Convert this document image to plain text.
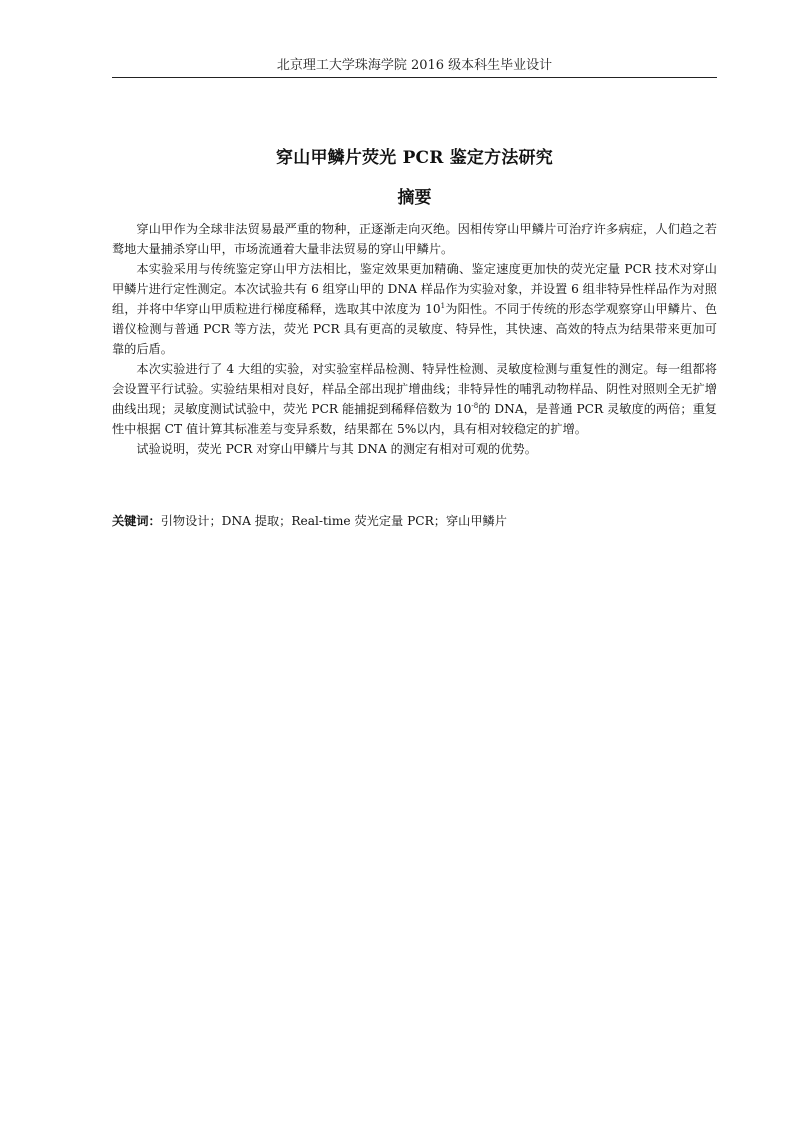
北京理工大学珠海学院 2016 级本科生毕业设计
穿山甲鳞片荧光 PCR 鉴定方法研究
摘要

穿山甲作为全球非法贸易最严重的物种，正逐渐走向灭绝。因相传穿山甲鳞片可治疗许多病症，人们趋之若鹜地大量捕杀穿山甲，市场流通着大量非法贸易的穿山甲鳞片。

本实验采用与传统鉴定穿山甲方法相比，鉴定效果更加精确、鉴定速度更加快的荧光定量 PCR 技术对穿山甲鳞片进行定性测定。本次试验共有 6 组穿山甲的 DNA 样品作为实验对象，并设置 6 组非特异性样品作为对照组，并将中华穿山甲质粒进行梯度稀释，选取其中浓度为 $10^1$为阳性。不同于传统的形态学观察穿山甲鳞片、色谱仪检测与普通 PCR 等方法，荧光 PCR 具有更高的灵敏度、特异性，其快速、高效的特点为结果带来更加可靠的后盾。

本次实验进行了 4 大组的实验，对实验室样品检测、特异性检测、灵敏度检测与重复性的测定。每一组都将会设置平行试验。实验结果相对良好，样品全部出现扩增曲线；非特异性的哺乳动物样品、阴性对照则全无扩增曲线出现；灵敏度测试试验中，荧光 PCR 能捕捉到稀释倍数为 $10^{-8}$的 DNA，是普通 PCR 灵敏度的两倍；重复性中根据 CT 值计算其标准差与变异系数，结果都在 5%以内，具有相对较稳定的扩增。

试验说明，荧光 PCR 对穿山甲鳞片与其 DNA 的测定有相对可观的优势。

关键词：引物设计；DNA 提取；Real-time 荧光定量 PCR；穿山甲鳞片
